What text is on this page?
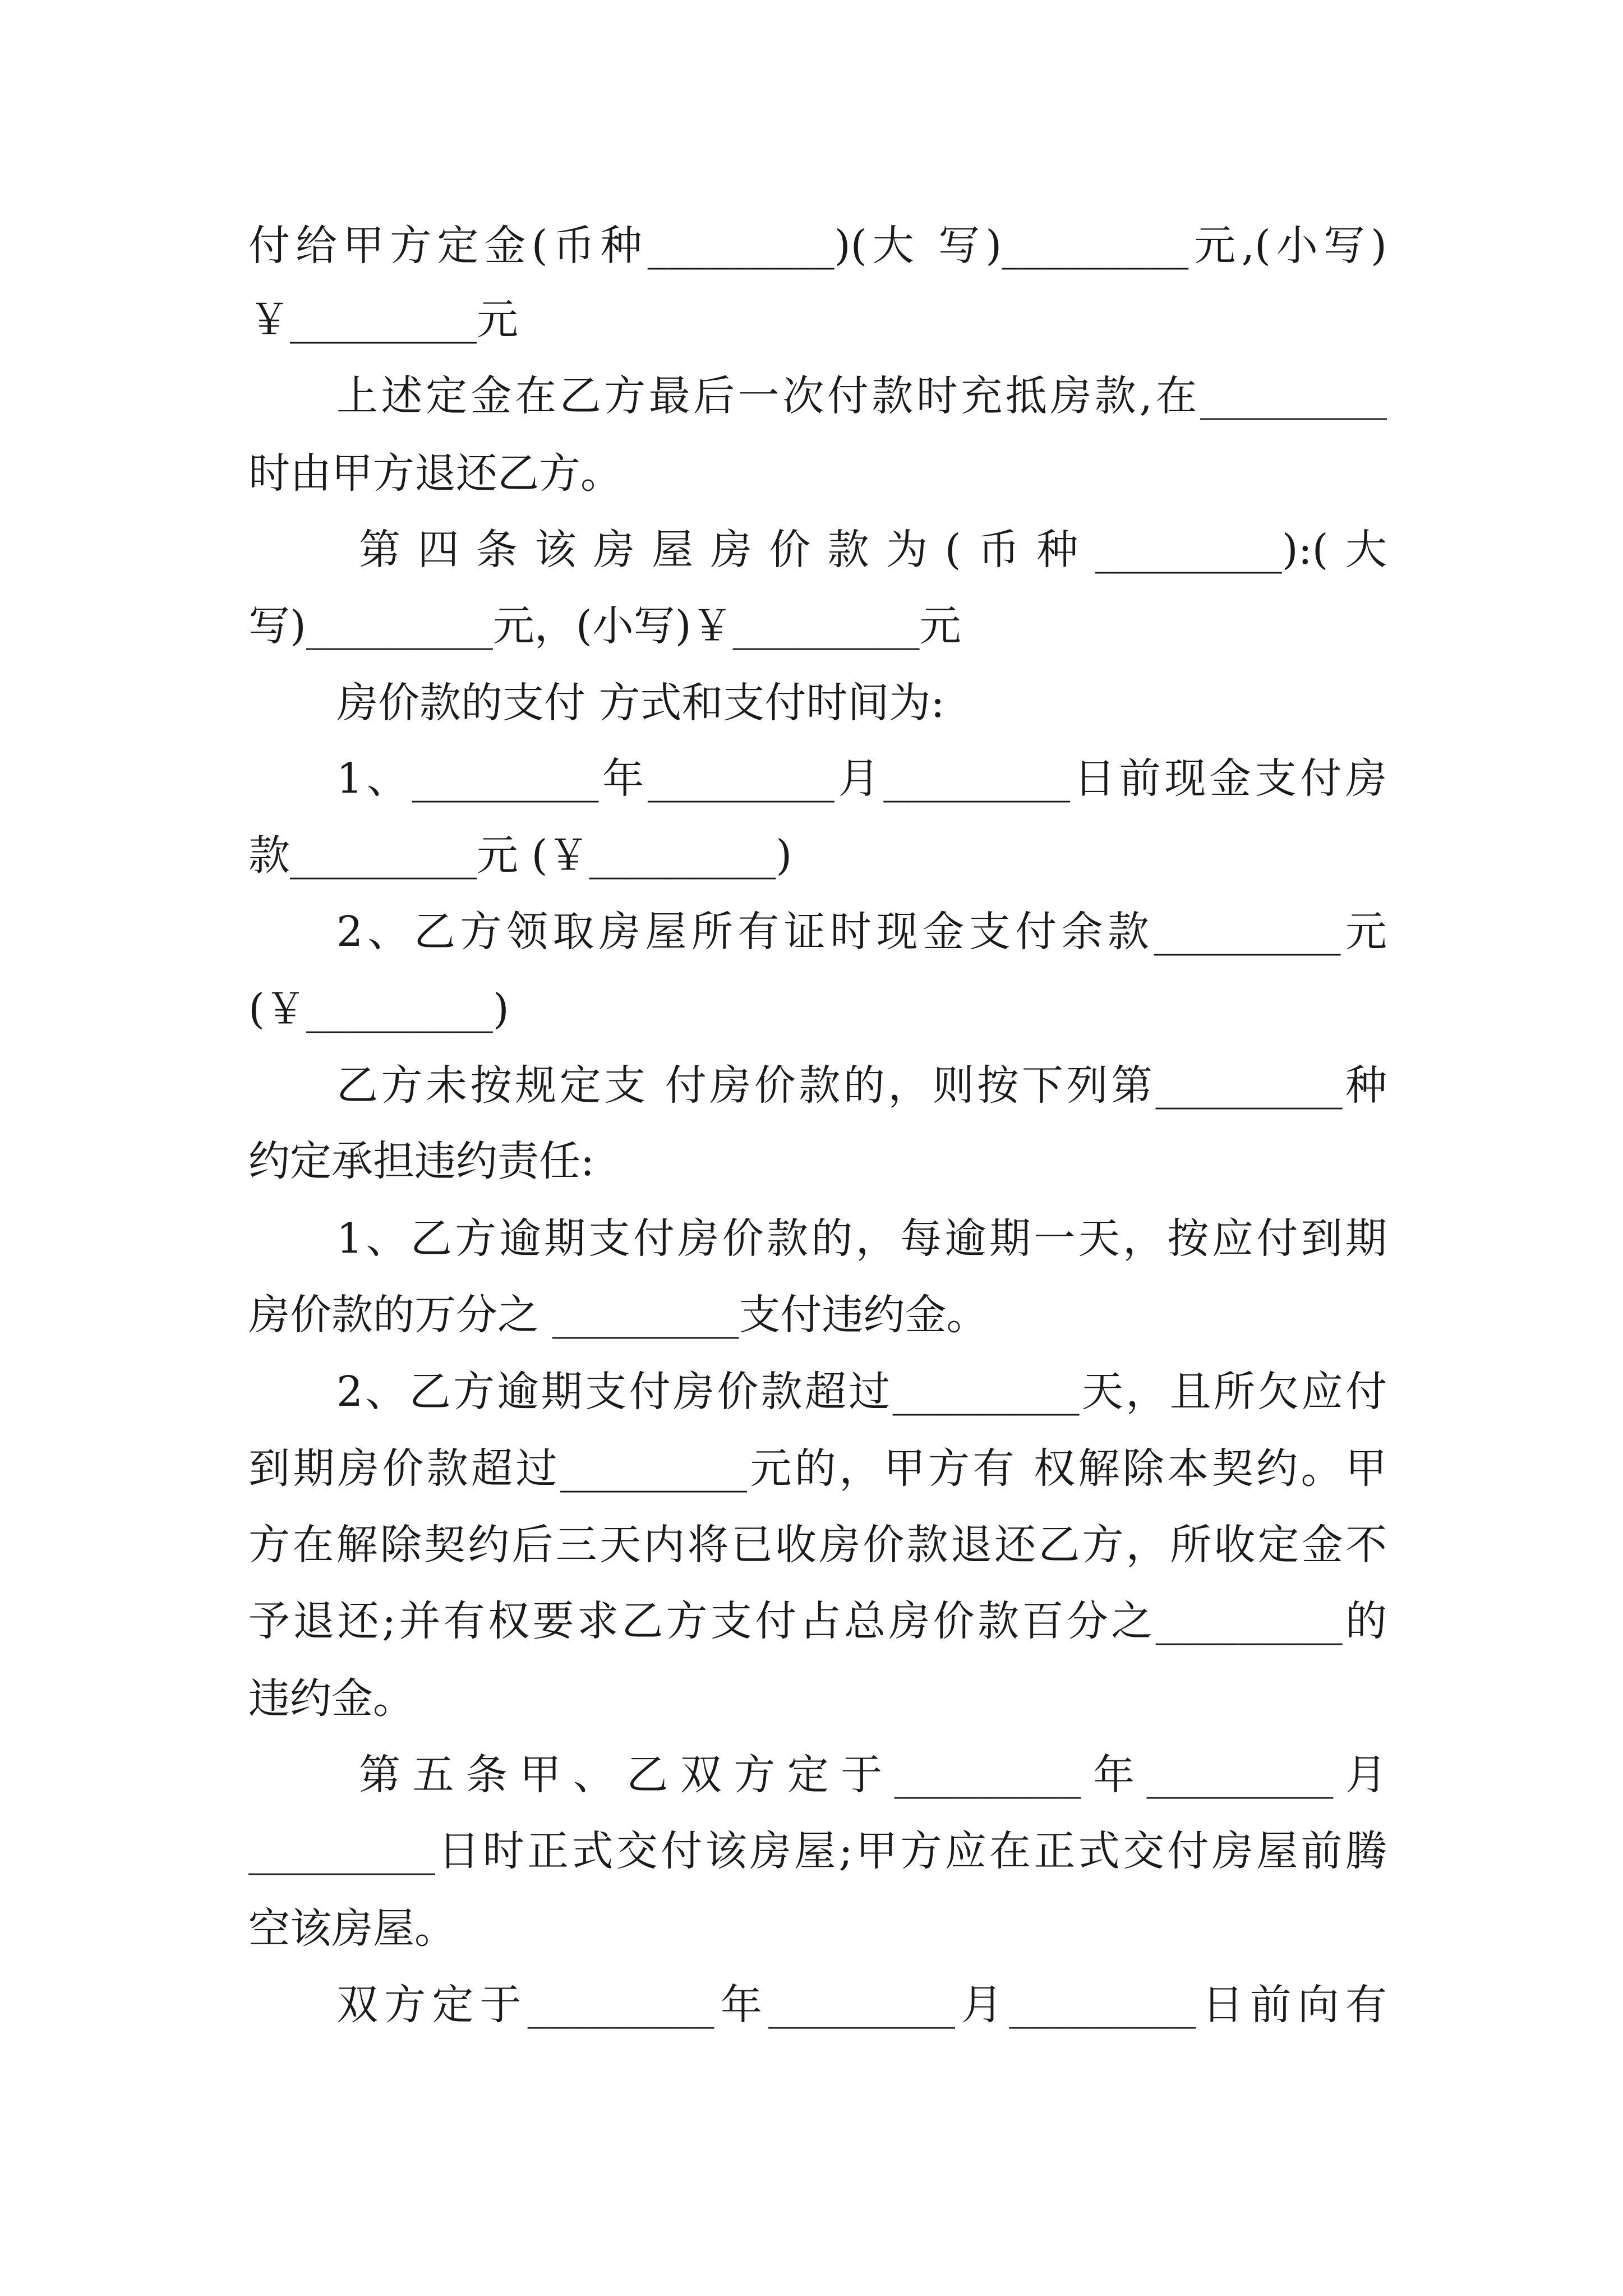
付给甲方定金(币种_________)(大 写)_________元,(小写)
￥_________元
上述定金在乙方最后一次付款时充抵房款,在_________
时由甲方退还乙方。
第四条该房屋房价款为(币种_________):(大
写)_________元，(小写)￥_________元
房价款的支付 方式和支付时间为:
1、_________年_________月_________日前现金支付房
款_________元 (￥_________)
2、乙方领取房屋所有证时现金支付余款_________元
(￥_________)
乙方未按规定支 付房价款的，则按下列第_________种
约定承担违约责任:
1、乙方逾期支付房价款的，每逾期一天，按应付到期
房价款的万分之 _________支付违约金。
2、乙方逾期支付房价款超过_________天，且所欠应付
到期房价款超过_________元的，甲方有 权解除本契约。甲
方在解除契约后三天内将已收房价款退还乙方，所收定金不
予退还;并有权要求乙方支付占总房价款百分之_________的
违约金。
第五条甲、乙双方定于_________年_________月
_________日时正式交付该房屋;甲方应在正式交付房屋前腾
空该房屋。
双方定于_________年_________月_________日前向有
